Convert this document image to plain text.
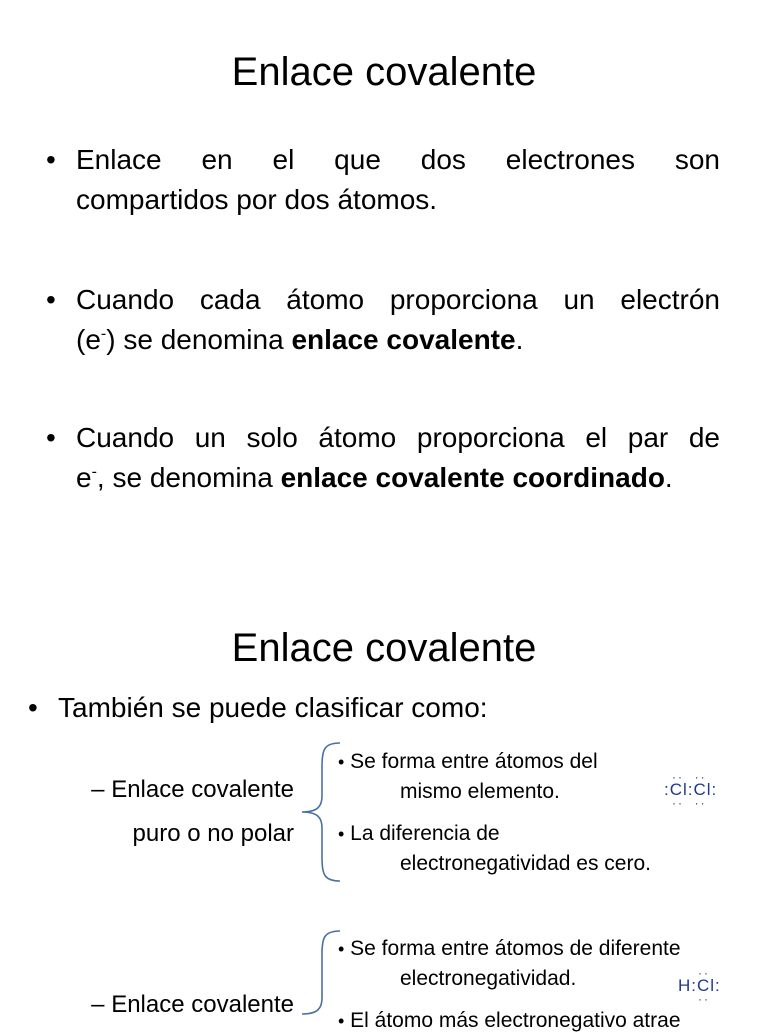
Enlace covalente
• Enlace en el que dos electrones son
compartidos por dos átomos.
• Cuando cada átomo proporciona un electrón
(e-) se denomina enlace covalente.
• Cuando un solo átomo proporciona el par de
e-, se denomina enlace covalente coordinado.
Enlace covalente
• También se puede clasificar como:
– Enlace covalente
puro o no polar
• Se forma entre átomos del
mismo elemento.
• La diferencia de
electronegatividad es cero.
:Cl:Cl:
··  ··
··  ··
– Enlace covalente
• Se forma entre átomos de diferente
electronegatividad.
• El átomo más electronegativo atrae
H:Cl:
··
··
